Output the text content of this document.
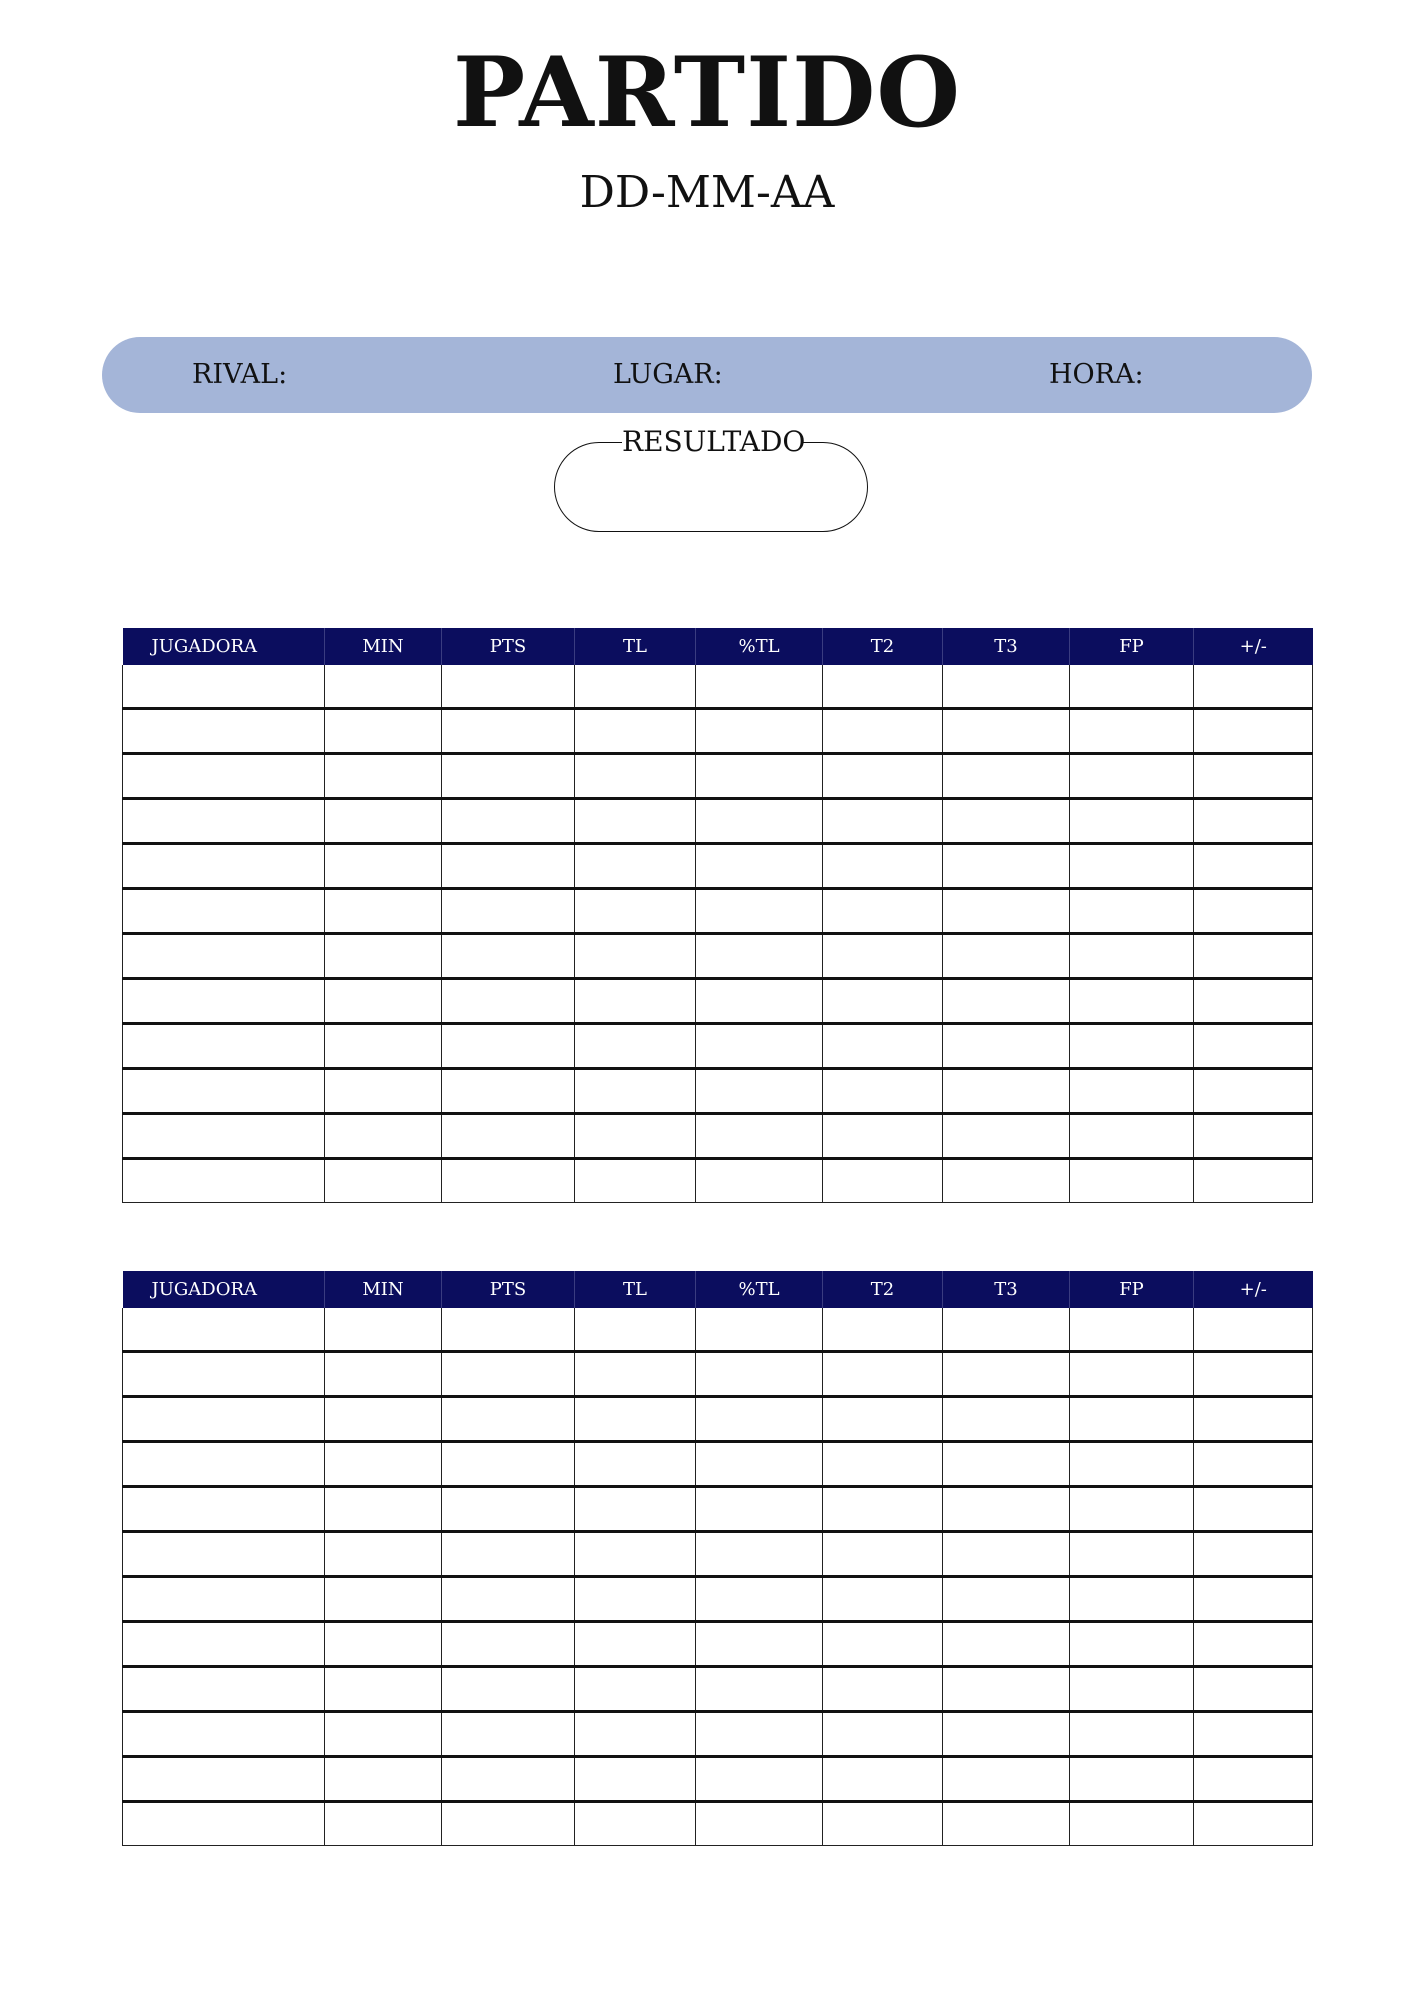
PARTIDO
DD-MM-AA
RIVAL:	LUGAR:	HORA:
RESULTADO
JUGADORA	MIN	PTS	TL	%TL	T2	T3	FP	+/-

JUGADORA	MIN	PTS	TL	%TL	T2	T3	FP	+/-
